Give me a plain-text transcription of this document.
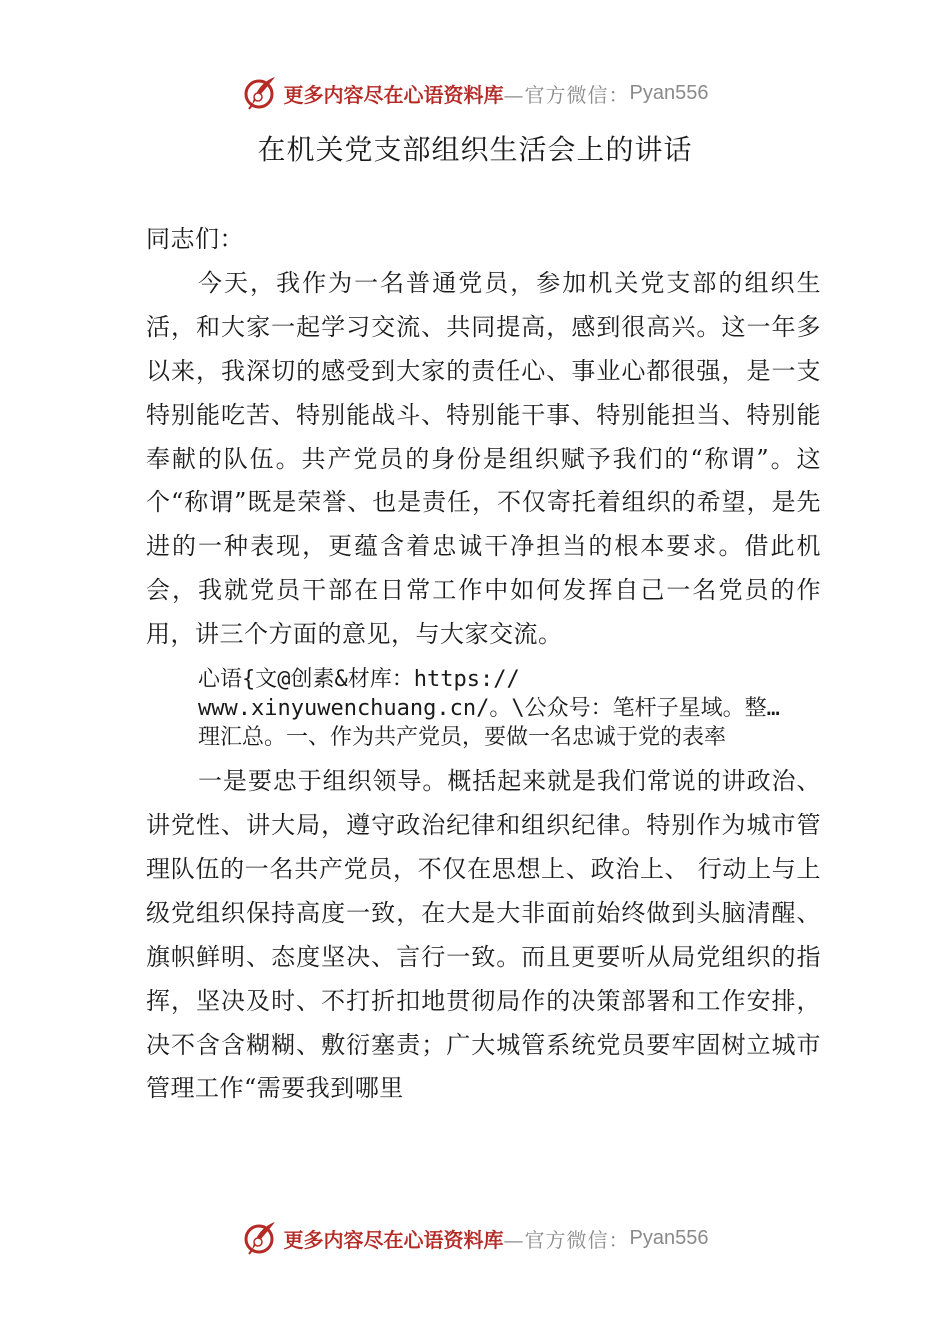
更多内容尽在心语资料库 —官方微信： Pyan556
在机关党支部组织生活会上的讲话

同志们：

今天，我作为一名普通党员，参加机关党支部的组织生活，和大家一起学习交流、共同提高，感到很高兴。这一年多以来，我深切的感受到大家的责任心、事业心都很强，是一支特别能吃苦、特别能战斗、特别能干事、特别能担当、特别能奉献的队伍。共产党员的身份是组织赋予我们的“称谓”。这个“称谓”既是荣誉、也是责任，不仅寄托着组织的希望，是先进的一种表现，更蕴含着忠诚干净担当的根本要求。借此机会，我就党员干部在日常工作中如何发挥自己一名党员的作用，讲三个方面的意见，与大家交流。

心语{文@创素&材库：https://
www.xinyuwenchuang.cn/。\公众号：笔杆子星域。整…
理汇总。一、作为共产党员，要做一名忠诚于党的表率

一是要忠于组织领导。概括起来就是我们常说的讲政治、讲党性、讲大局，遵守政治纪律和组织纪律。特别作为城市管理队伍的一名共产党员，不仅在思想上、政治上、 行动上与上级党组织保持高度一致，在大是大非面前始终做到头脑清醒、旗帜鲜明、态度坚决、言行一致。而且更要听从局党组织的指挥，坚决及时、不打折扣地贯彻局作的决策部署和工作安排，决不含含糊糊、敷衍塞责；广大城管系统党员要牢固树立城市管理工作“需要我到哪里

更多内容尽在心语资料库 —官方微信： Pyan556
